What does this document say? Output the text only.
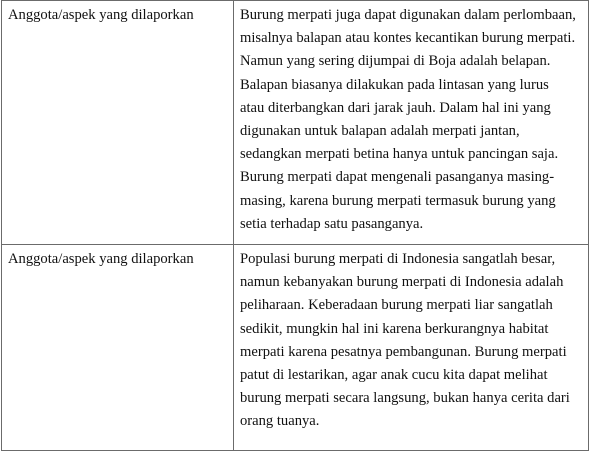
Anggota/aspek yang dilaporkan	Burung merpati juga dapat digunakan dalam perlombaan, misalnya balapan atau kontes kecantikan burung merpati. Namun yang sering dijumpai di Boja adalah belapan. Balapan biasanya dilakukan pada lintasan yang lurus atau diterbangkan dari jarak jauh. Dalam hal ini yang digunakan untuk balapan adalah merpati jantan, sedangkan merpati betina hanya untuk pancingan saja. Burung merpati dapat mengenali pasanganya masing-masing, karena burung merpati termasuk burung yang setia terhadap satu pasanganya.

Anggota/aspek yang dilaporkan	Populasi burung merpati di Indonesia sangatlah besar, namun kebanyakan burung merpati di Indonesia adalah peliharaan. Keberadaan burung merpati liar sangatlah sedikit, mungkin hal ini karena berkurangnya habitat merpati karena pesatnya pembangunan. Burung merpati patut di lestarikan, agar anak cucu kita dapat melihat burung merpati secara langsung, bukan hanya cerita dari orang tuanya.
